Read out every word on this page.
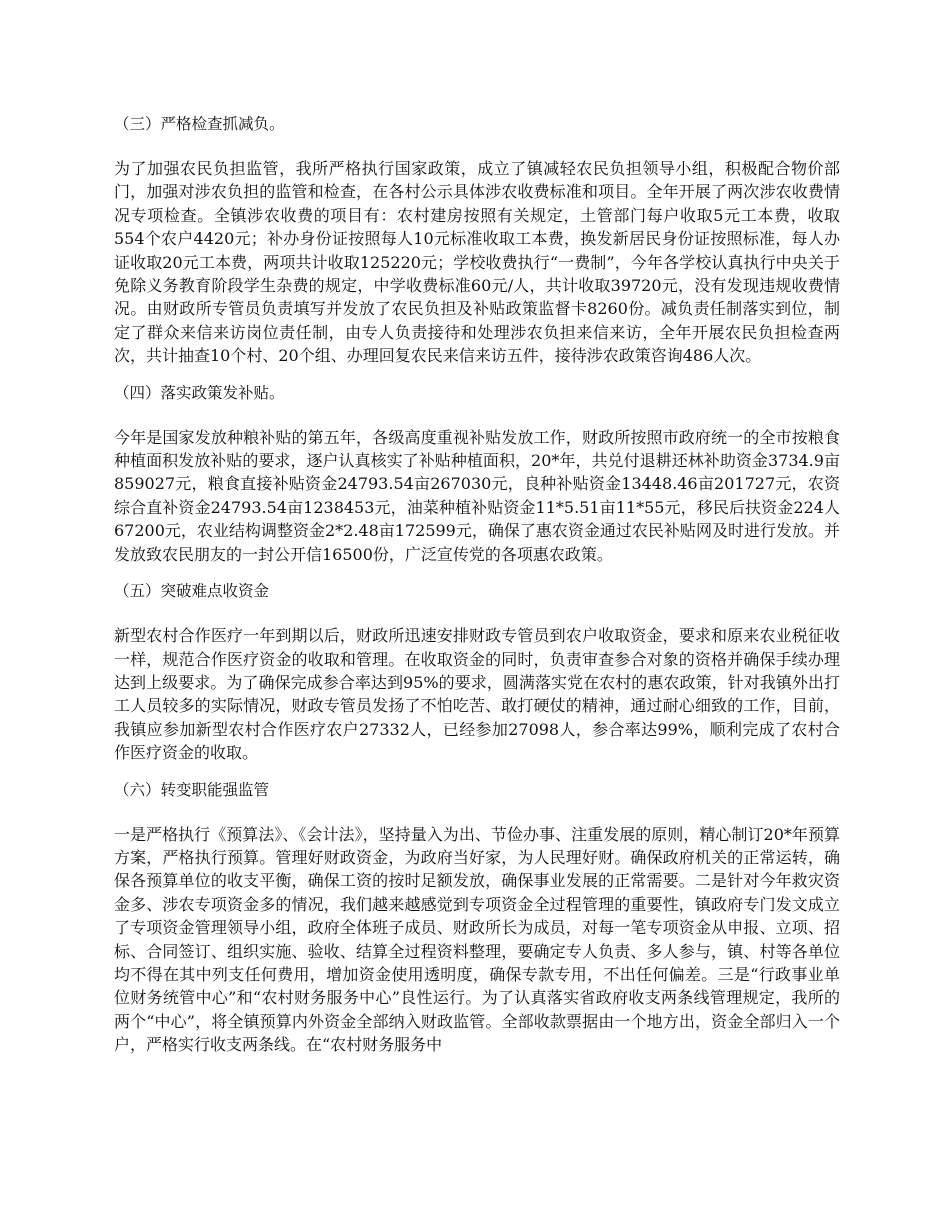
（三）严格检查抓减负。
为了加强农民负担监管，我所严格执行国家政策，成立了镇减轻农民负担领导小组，积极配合物价部门，加强对涉农负担的监管和检查，在各村公示具体涉农收费标准和项目。全年开展了两次涉农收费情况专项检查。全镇涉农收费的项目有：农村建房按照有关规定，土管部门每户收取5元工本费，收取554个农户4420元；补办身份证按照每人10元标准收取工本费，换发新居民身份证按照标准，每人办证收取20元工本费，两项共计收取125220元；学校收费执行“一费制”，今年各学校认真执行中央关于免除义务教育阶段学生杂费的规定，中学收费标准60元/人，共计收取39720元，没有发现违规收费情况。由财政所专管员负责填写并发放了农民负担及补贴政策监督卡8260份。减负责任制落实到位，制定了群众来信来访岗位责任制，由专人负责接待和处理涉农负担来信来访，全年开展农民负担检查两次，共计抽查10个村、20个组、办理回复农民来信来访五件，接待涉农政策咨询486人次。
（四）落实政策发补贴。
今年是国家发放种粮补贴的第五年，各级高度重视补贴发放工作，财政所按照市政府统一的全市按粮食种植面积发放补贴的要求，逐户认真核实了补贴种植面积，20*年，共兑付退耕还林补助资金3734.9亩859027元，粮食直接补贴资金24793.54亩267030元，良种补贴资金13448.46亩201727元，农资综合直补资金24793.54亩1238453元，油菜种植补贴资金11*5.51亩11*55元，移民后扶资金224人67200元，农业结构调整资金2*2.48亩172599元，确保了惠农资金通过农民补贴网及时进行发放。并发放致农民朋友的一封公开信16500份，广泛宣传党的各项惠农政策。
（五）突破难点收资金
新型农村合作医疗一年到期以后，财政所迅速安排财政专管员到农户收取资金，要求和原来农业税征收一样，规范合作医疗资金的收取和管理。在收取资金的同时，负责审查参合对象的资格并确保手续办理达到上级要求。为了确保完成参合率达到95%的要求，圆满落实党在农村的惠农政策，针对我镇外出打工人员较多的实际情况，财政专管员发扬了不怕吃苦、敢打硬仗的精神，通过耐心细致的工作，目前，我镇应参加新型农村合作医疗农户27332人，已经参加27098人，参合率达99%，顺利完成了农村合作医疗资金的收取。
（六）转变职能强监管
一是严格执行《预算法》、《会计法》，坚持量入为出、节俭办事、注重发展的原则，精心制订20*年预算方案，严格执行预算。管理好财政资金，为政府当好家，为人民理好财。确保政府机关的正常运转，确保各预算单位的收支平衡，确保工资的按时足额发放，确保事业发展的正常需要。二是针对今年救灾资金多、涉农专项资金多的情况，我们越来越感觉到专项资金全过程管理的重要性，镇政府专门发文成立了专项资金管理领导小组，政府全体班子成员、财政所长为成员，对每一笔专项资金从申报、立项、招标、合同签订、组织实施、验收、结算全过程资料整理，要确定专人负责、多人参与，镇、村等各单位均不得在其中列支任何费用，增加资金使用透明度，确保专款专用，不出任何偏差。三是“行政事业单位财务统管中心”和“农村财务服务中心”良性运行。为了认真落实省政府收支两条线管理规定，我所的两个“中心”，将全镇预算内外资金全部纳入财政监管。全部收款票据由一个地方出，资金全部归入一个户，严格实行收支两条线。在“农村财务服务中
